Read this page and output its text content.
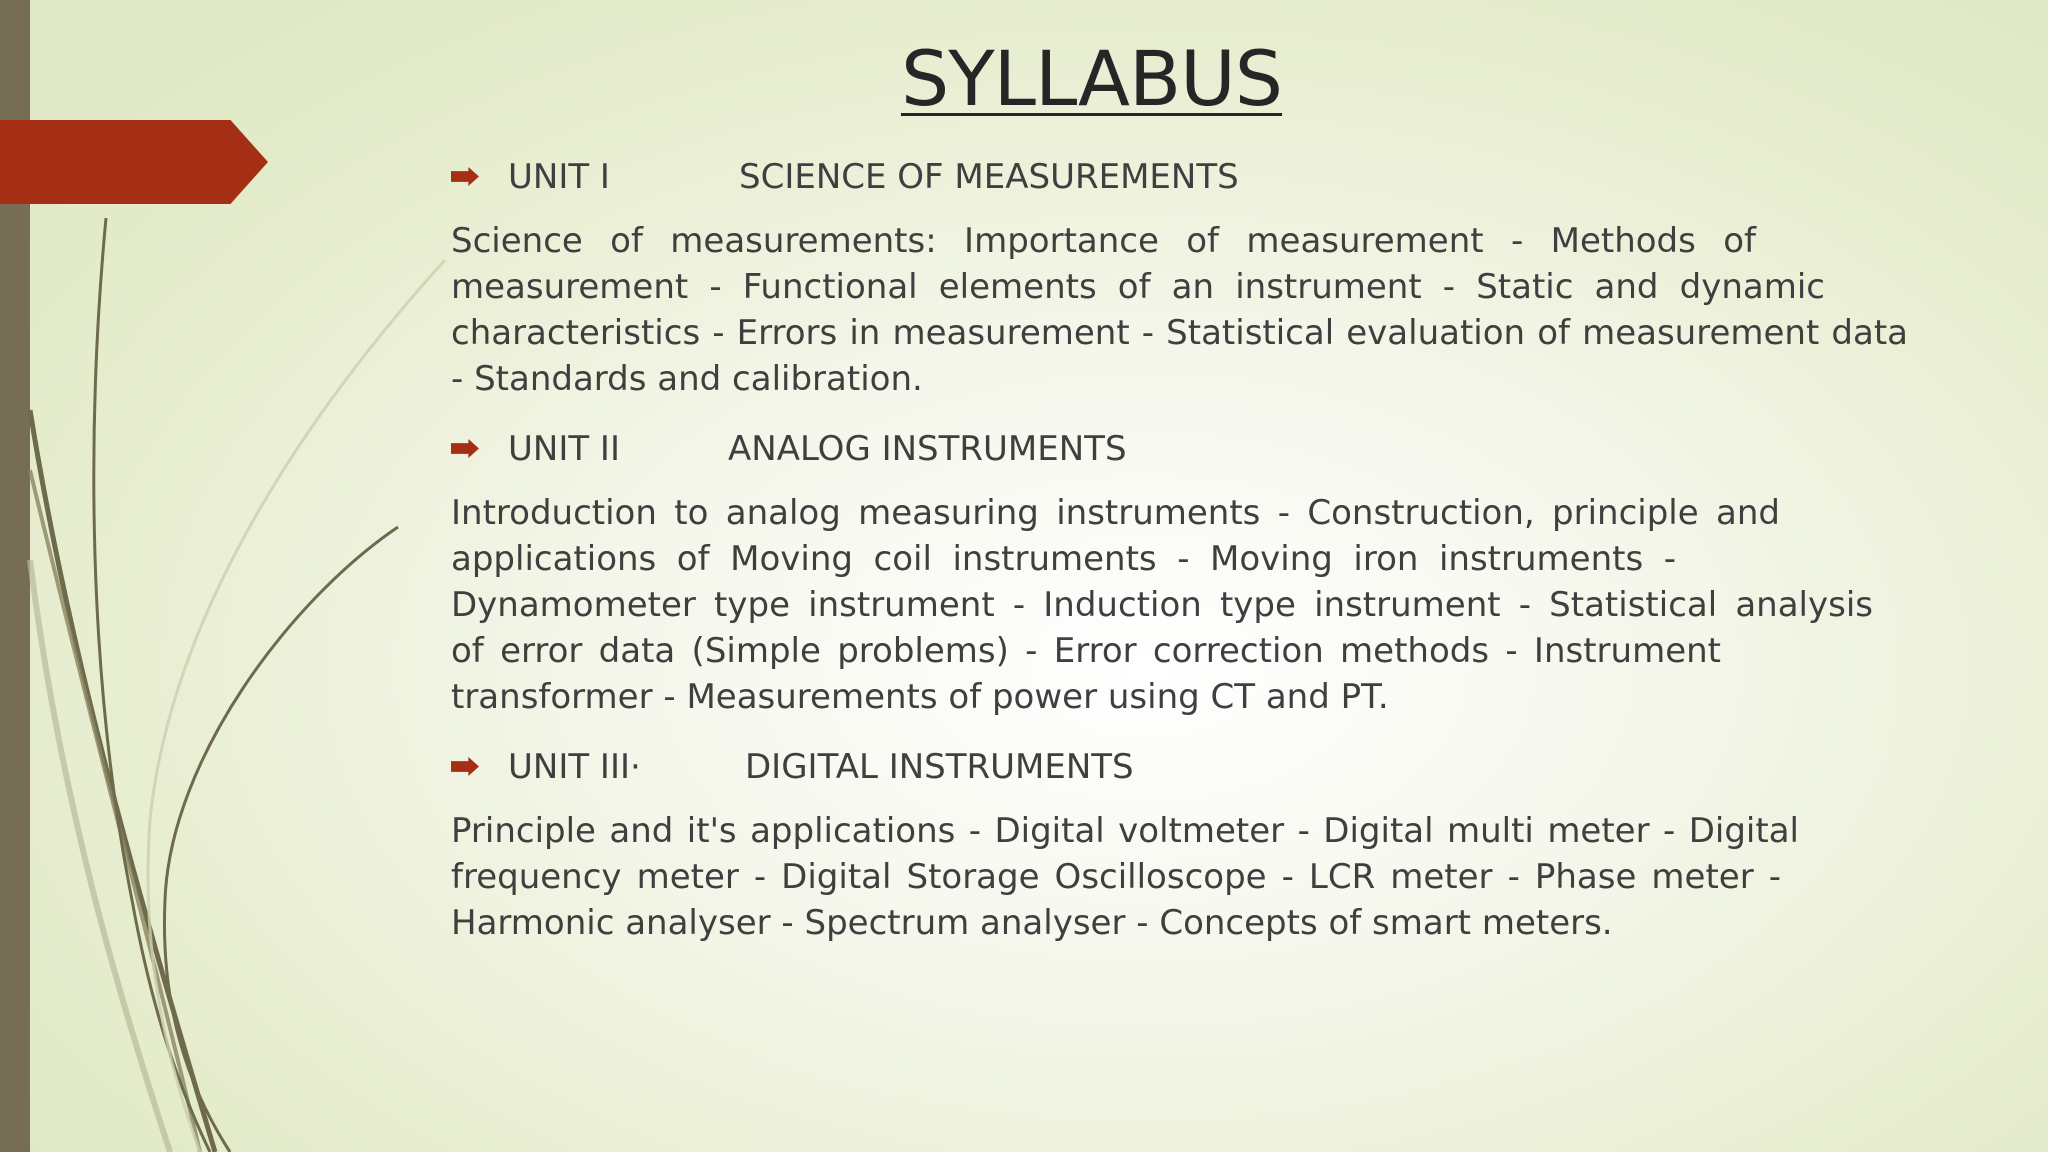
SYLLABUS
UNIT I	SCIENCE OF MEASUREMENTS
Science of measurements: Importance of measurement - Methods of
measurement - Functional elements of an instrument - Static and dynamic
characteristics - Errors in measurement - Statistical evaluation of measurement data
- Standards and calibration.
UNIT II	ANALOG INSTRUMENTS
Introduction to analog measuring instruments - Construction, principle and
applications of Moving coil instruments - Moving iron instruments -
Dynamometer type instrument - Induction type instrument - Statistical analysis
of error data (Simple problems) - Error correction methods - Instrument
transformer - Measurements of power using CT and PT.
UNIT III·	DIGITAL INSTRUMENTS
Principle and it's applications - Digital voltmeter - Digital multi meter - Digital
frequency meter - Digital Storage Oscilloscope - LCR meter - Phase meter -
Harmonic analyser - Spectrum analyser - Concepts of smart meters.
